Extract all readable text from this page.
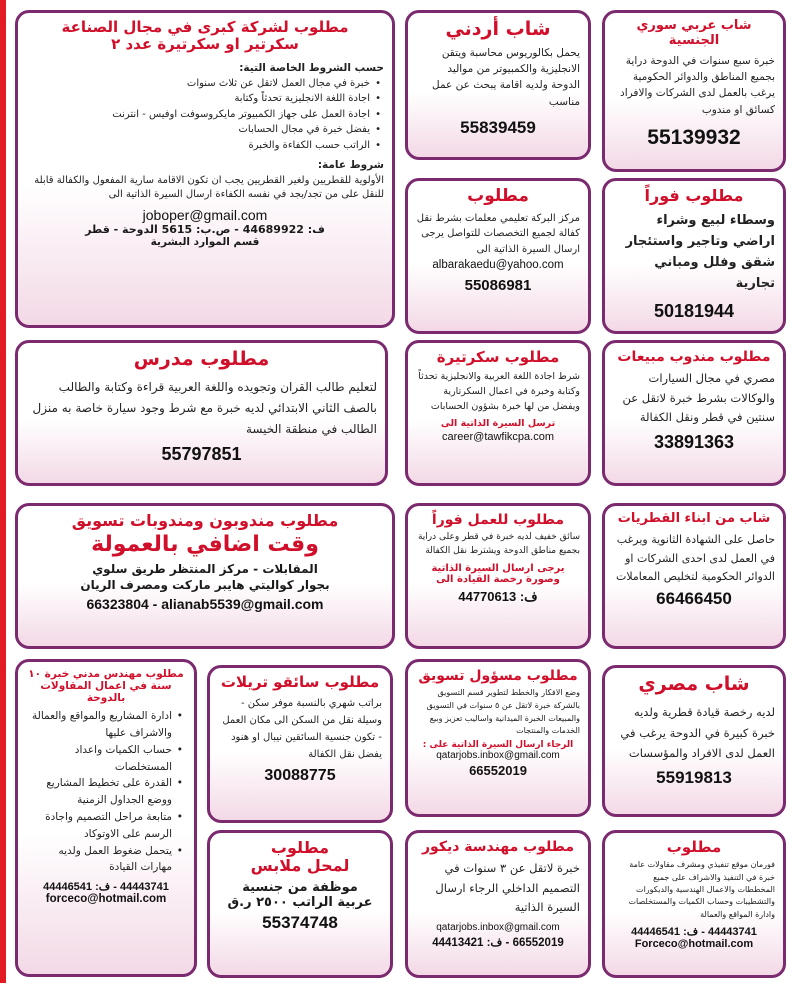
شاب عربي سوري الجنسية
خبرة سبع سنوات في الدوحة دراية بجميع المناطق والدوائر الحكومية يرغب بالعمل لدى الشركات والافراد كسائق او مندوب
55139932
شاب أردني
يحمل بكالوريوس محاسبة ويتقن الانجليزية والكمبيوتر من مواليد الدوحة ولديه اقامة يبحث عن عمل مناسب
55839459
مطلوب لشركة كبرى في مجال الصناعة
سكرتير او سكرتيرة عدد ٢
حسب الشروط الخاصة التية:
• خبرة في مجال العمل لاتقل عن ثلاث سنوات
• اجادة اللغة الانجليزية تحدثاً وكتابة
• اجادة العمل على جهاز الكمبيوتر مايكروسوفت اوفيس - انترنت
• يفضل خبرة في مجال الحسابات
• الراتب حسب الكفاءة والخبرة
شروط عامة:
الأولوية للقطريين ولغير القطريين يجب ان تكون الاقامة سارية المفعول والكفالة قابلة للنقل على من تجد/يجد في نفسه الكفاءة ارسال السيرة الذاتية الى
joboper@gmail.com
ف: 44689922 - ص.ب: 5615 الدوحة - قطر
قسم الموارد البشرية
مطلوب فوراً
وسطاء لبيع وشراء اراضي وتاجير واستئجار شقق وفلل ومباني تجارية
50181944
مطلوب
مركز البركة تعليمي معلمات بشرط نقل كفالة لجميع التخصصات للتواصل يرجى ارسال السيرة الذاتية الى
albarakaedu@yahoo.com
55086981
مطلوب مدرس
لتعليم طالب القران وتجويده واللغة العربية قراءة وكتابة والطالب بالصف الثاني الابتدائي لديه خبرة مع شرط وجود سيارة خاصة به منزل الطالب في منطقة الخيسة
55797851
مطلوب سكرتيرة
شرط اجادة اللغة العربية والانجليزية تحدثاً وكتابة وخبرة في اعمال السكرتارية ويفضل من لها خبرة بشؤون الحسابات
ترسل السيرة الذاتية الى
career@tawfikcpa.com
مطلوب مندوب مبيعات
مصري في مجال السيارات والوكالات بشرط خبرة لاتقل عن سنتين في قطر ونقل الكفالة
33891363
مطلوب مندوبون ومندوبات تسويق
وقت اضافي بالعمولة
المقابلات - مركز المنتظر طريق سلوي
بجوار كواليتي هايبر ماركت ومصرف الريان
66323804 - alianab5539@gmail.com
مطلوب للعمل فوراً
سائق خفيف لديه خبرة في قطر وعلى دراية بجميع مناطق الدوحة ويشترط نقل الكفالة
يرجى ارسال السيرة الذاتية وصورة رخصة القيادة الى
ف: 44770613
شاب من ابناء القطريات
حاصل على الشهادة الثانوية ويرغب في العمل لدى احدى الشركات او الدوائر الحكومية لتخليص المعاملات
66466450
مطلوب مهندس مدني خبرة ١٠ سنة في اعمال المقاولات بالدوحة
• ادارة المشاريع والمواقع والعمالة والاشراف عليها
• حساب الكميات واعداد المستخلصات
• القدرة على تخطيط المشاريع ووضع الجداول الزمنية
• متابعة مراحل التصميم واجادة الرسم على الاوتوكاد
• يتحمل ضغوط العمل ولديه مهارات القيادة
44443741 - ف: 44446541
forceco@hotmail.com
مطلوب سائقو تريلات
براتب شهري بالنسبة موفر سكن - وسيلة نقل من السكن الى مكان العمل - تكون جنسية السائقين نيبال او هنود يفضل نقل الكفالة
30088775
مطلوب مسؤول تسويق
وضع الافكار والخطط لتطوير قسم التسويق بالشركة خبرة لاتقل عن ٥ سنوات في التسويق والمبيعات الخبرة الميدانية واساليب تعزيز وبيع الخدمات والمنتجات
الرجاء ارسال السيرة الذاتية على :
qatarjobs.inbox@gmail.com
66552019
شاب مصري
لديه رخصة قيادة قطرية ولديه خبرة كبيرة في الدوحة يرغب في العمل لدى الافراد والمؤسسات
55919813
مطلوب
لمحل ملابس
موظفة من جنسية
عربية الراتب ٢٥٠٠ ر.ق
55374748
مطلوب مهندسة ديكور
خبرة لاتقل عن ٣ سنوات في التصميم الداخلي الرجاء ارسال السيرة الذاتية
qatarjobs.inbox@gmail.com
66552019 - ف: 44413421
مطلوب
فورمان موقع تنفيذي ومشرف مقاولات عامة خبرة في التنفيذ والاشراف على جميع المخططات والاعمال الهندسية والديكورات والتشطيبات وحساب الكميات والمستخلصات وادارة المواقع والعمالة
44443741 - ف: 44446541
Forceco@hotmail.com
